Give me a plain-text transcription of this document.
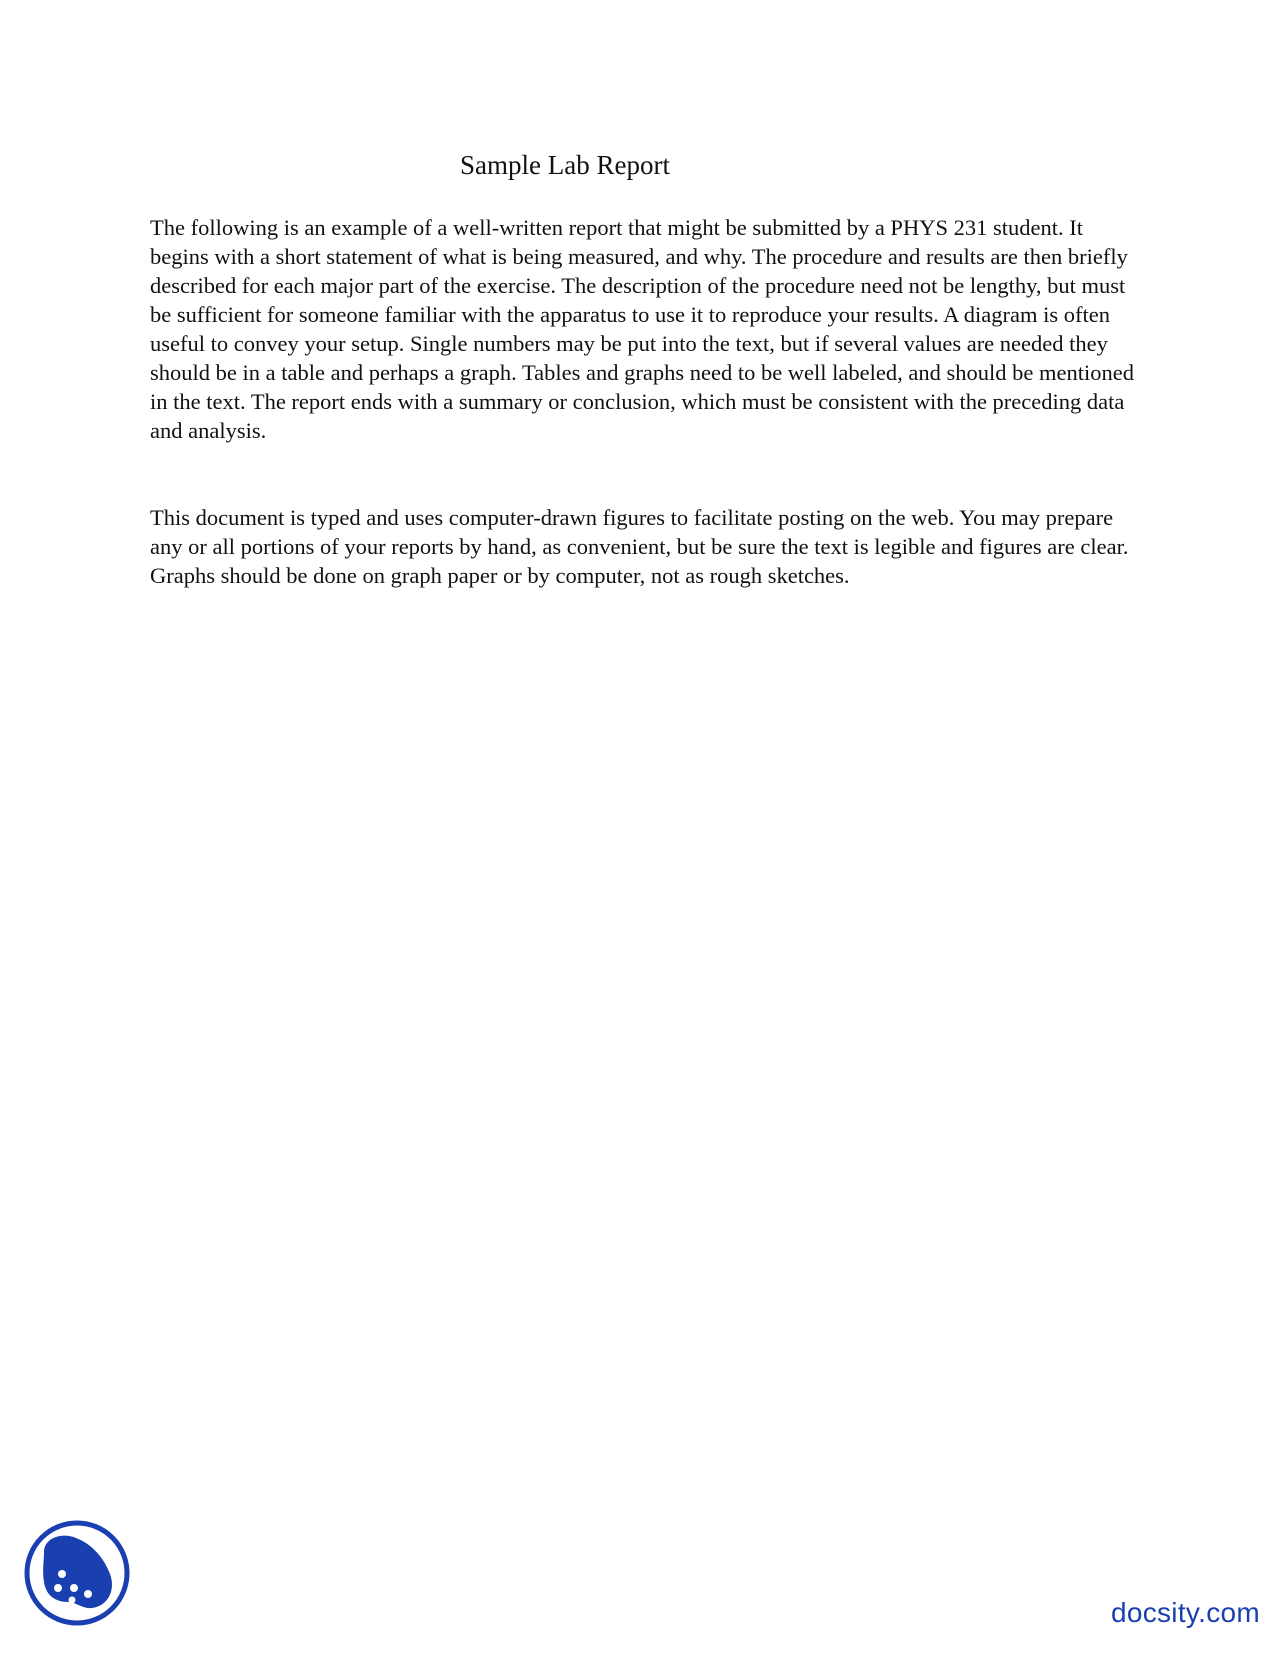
Sample Lab Report

The following is an example of a well-written report that might be submitted by a PHYS 231 student. It begins with a short statement of what is being measured, and why. The procedure and results are then briefly described for each major part of the exercise. The description of the procedure need not be lengthy, but must be sufficient for someone familiar with the apparatus to use it to reproduce your results. A diagram is often useful to convey your setup. Single numbers may be put into the text, but if several values are needed they should be in a table and perhaps a graph. Tables and graphs need to be well labeled, and should be mentioned in the text. The report ends with a summary or conclusion, which must be consistent with the preceding data and analysis.

This document is typed and uses computer-drawn figures to facilitate posting on the web. You may prepare any or all portions of your reports by hand, as convenient, but be sure the text is legible and figures are clear. Graphs should be done on graph paper or by computer, not as rough sketches.

docsity.com
